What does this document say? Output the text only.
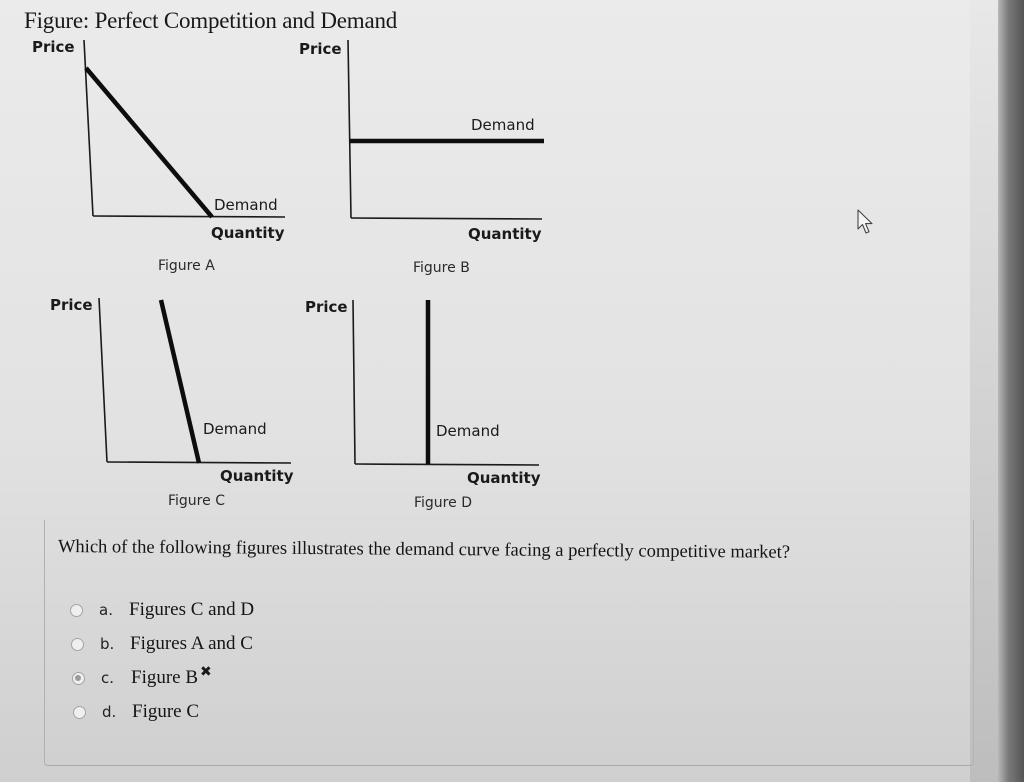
Figure: Perfect Competition and Demand
Price
Demand
Quantity
Figure A
Price
Demand
Quantity
Figure B
Price
Demand
Quantity
Figure C
Price
Demand
Quantity
Figure D
Which of the following figures illustrates the demand curve facing a perfectly competitive market?
a. Figures C and D
b. Figures A and C
c. Figure B ✖
d. Figure C
